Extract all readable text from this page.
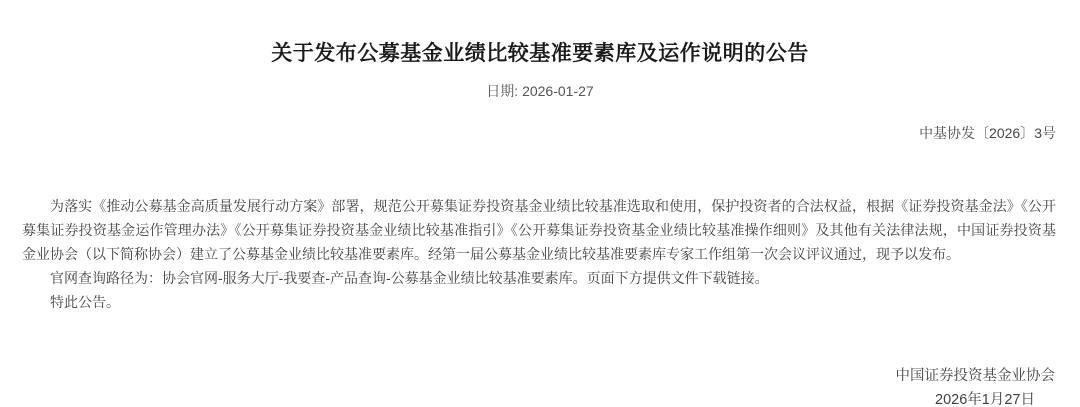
关于发布公募基金业绩比较基准要素库及运作说明的公告
日期: 2026-01-27
中基协发〔2026〕3号

为落实《推动公募基金高质量发展行动方案》部署，规范公开募集证券投资基金业绩比较基准选取和使用，保护投资者的合法权益，根据《证券投资基金法》《公开募集证券投资基金运作管理办法》《公开募集证券投资基金业绩比较基准指引》《公开募集证券投资基金业绩比较基准操作细则》及其他有关法律法规，中国证券投资基金业协会（以下简称协会）建立了公募基金业绩比较基准要素库。经第一届公募基金业绩比较基准要素库专家工作组第一次会议评议通过，现予以发布。

官网查询路径为：协会官网-服务大厅-我要查-产品查询-公募基金业绩比较基准要素库。页面下方提供文件下载链接。

特此公告。

中国证券投资基金业协会
2026年1月27日
